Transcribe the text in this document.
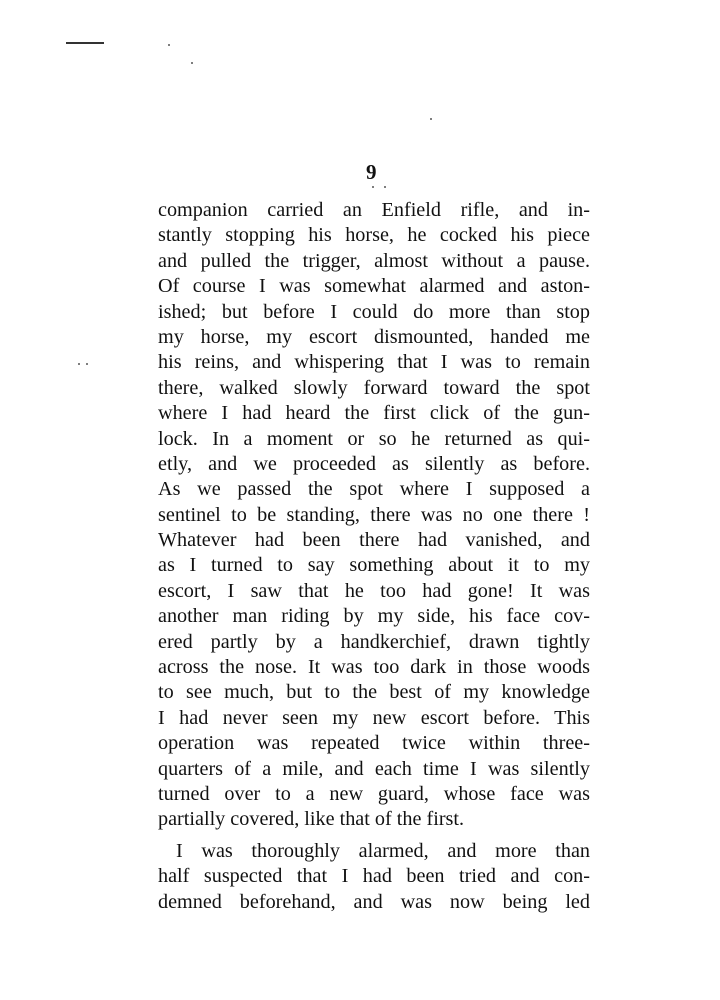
9
companion carried an Enfield rifle, and in-
stantly stopping his horse, he cocked his piece
and pulled the trigger, almost without a pause.
Of course I was somewhat alarmed and aston-
ished; but before I could do more than stop
my horse, my escort dismounted, handed me
his reins, and whispering that I was to remain
there, walked slowly forward toward the spot
where I had heard the first click of the gun-
lock. In a moment or so he returned as qui-
etly, and we proceeded as silently as before.
As we passed the spot where I supposed a
sentinel to be standing, there was no one there !
Whatever had been there had vanished, and
as I turned to say something about it to my
escort, I saw that he too had gone! It was
another man riding by my side, his face cov-
ered partly by a handkerchief, drawn tightly
across the nose. It was too dark in those woods
to see much, but to the best of my knowledge
I had never seen my new escort before. This
operation was repeated twice within three-
quarters of a mile, and each time I was silently
turned over to a new guard, whose face was
partially covered, like that of the first.
I was thoroughly alarmed, and more than
half suspected that I had been tried and con-
demned beforehand, and was now being led
